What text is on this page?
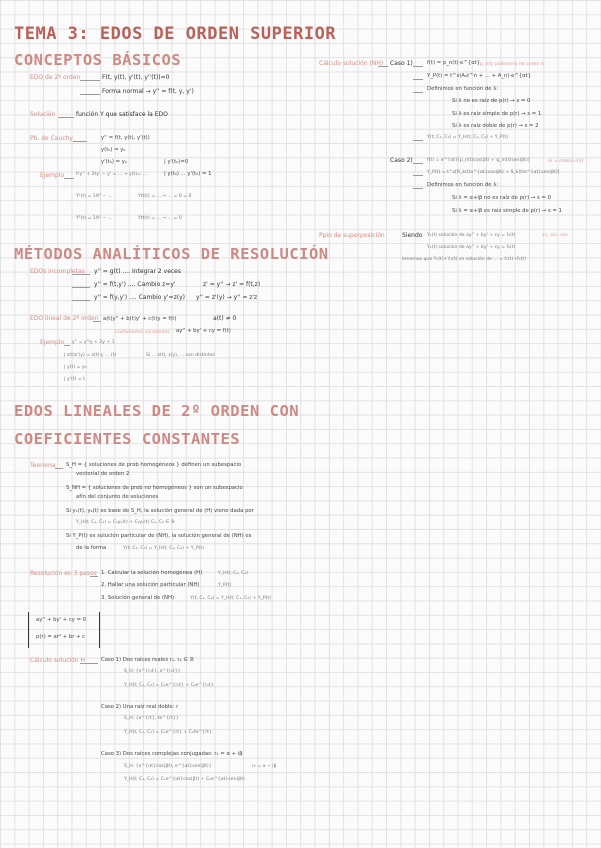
TEMA 3: EDOS DE ORDEN SUPERIOR
CONCEPTOS BÁSICOS
EDO de 2º orden	F(t, y(t), y'(t), y''(t))=0
Forma normal → y'' = f(t, y, y')
Solución	función Y que satisface la EDO
Pb. de Cauchy	y'' = f(t, y(t), y'(t))
y(t₀) = y₀
y'(t₀) = y₁	| y'(t₀)=0
| y(t₀) ... y'(t₀) = 1
Ejemplo	t²y'' + 2ty' − y' = ... → y(t)= ...
Y¹(t) = 1/t² − ...	Ytt(t) = ... → ... = 0 = 0
Y²(t) = 1/t² − ...	Ytt(t) = ... → ... = 0
Cálculo solución (NH) Caso 1)	f(t) = p_n(t)·e^{αt} p_n(t) polinomio de orden n
Y_P(t) = t^s(A₀t^n + ... + A_n)·e^{αt}
Definimos en función de λ:
Si λ no es raíz de p(r) → s = 0
Si λ es raíz simple de p(r) → s = 1
Si λ es raíz doble de p(r) → s = 2
Y(t; C₁, C₂) = Y_H(t; C₁, C₂) + Y_P(t)
Caso 2)	f(t) = e^{αt}[p_n(t)cos(βt) + q_m(t)sen(βt)]	(k = máx(n,m))
Y_P(t) = t^s[R_k(t)e^{αt}cos(βt) + S_k(t)e^{αt}sen(βt)]
Definimos en función de λ:
Si λ = α+iβ no es raíz de p(r) → s = 0
Si λ = α+iβ es raíz simple de p(r) → s = 1
Ppio de superposición	Siendo Y₁(t) solución de ay'' + by' + cy = f₁(t)	e.j. sin, cos
Y₂(t) solución de ay'' + by' + cy = f₂(t)
tenemos que Y₁(t)+Y₂(t) es solución de ... = f₁(t)+f₂(t)
MÉTODOS ANALÍTICOS DE RESOLUCIÓN
EDOs incompletas y'' = g(t) .... Integrar 2 veces
y'' = f(t,y') .... Cambio z=y'	z' = y'' → z' = f(t,z)
y'' = f(y,y') .... Cambio y'=z(y) y'' = z'(y) → y'' = z'z
EDO lineal de 2º orden a(t)y'' + b(t)y' + c(t)y = f(t)	a(t) ≠ 0
Coeficientes constantes ay'' + by' + cy = f(t)
Ejemplo y'' = y'²y + 2y + 1
| z(t)z'(y) = z(t)·y ... (t)	Si ... z(t), z(y), ... son distintas
| y(t) = y₀
| y'(t) = t
EDOS LINEALES DE 2º ORDEN CON
COEFICIENTES CONSTANTES
Teorema S_H = { soluciones de prob homogéneos } definen un subespacio
vectorial de orden 2
S_NH = { soluciones de prob no homogéneos } son un subespacio
afín del conjunto de soluciones
Si y₁(t), y₂(t) es base de S_H, la solución general de (H) viene dada por
Y_H(t; C₁, C₂) = C₁y₁(t) + C₂y₂(t) C₁, C₂ ∈ ℝ
Si Y_P(t) es solución particular de (NH), la solución general de (NH) es
de la forma	Y(t; C₁, C₂) = Y_H(t; C₁, C₂) + Y_P(t)
Resolución en 3 pasos 1. Calcular la solución homogénea (H)	Y_H(t; C₁, C₂)
2. Hallar una solución particular (NH)	Y_P(t)
3. Solución general de (NH)	Y(t; C₁, C₂) = Y_H(t; C₁, C₂) + Y_P(t)
ay'' + by' + cy = 0
p(r) = ar² + br + c
Cálculo solución H	Caso 1) Dos raíces reales r₁, r₂ ∈ ℝ
S_H: {e^{r₁t}, e^{r₂t}}
Y_H(t; C₁, C₂) = C₁e^{r₁t} + C₂e^{r₂t}
Caso 2) Una raíz real doble: r
S_H: {e^{rt}, te^{rt}}
Y_H(t; C₁, C₂) = C₁e^{rt} + C₂te^{rt}
Caso 3) Dos raíces complejas conjugadas: r₁ = α + iβ
S_H: {e^{αt}cos(βt), e^{αt}sen(βt)}	r₂ = α − iβ
Y_H(t; C₁, C₂) = C₁e^{αt}cos(βt) + C₂e^{αt}sen(βt)
